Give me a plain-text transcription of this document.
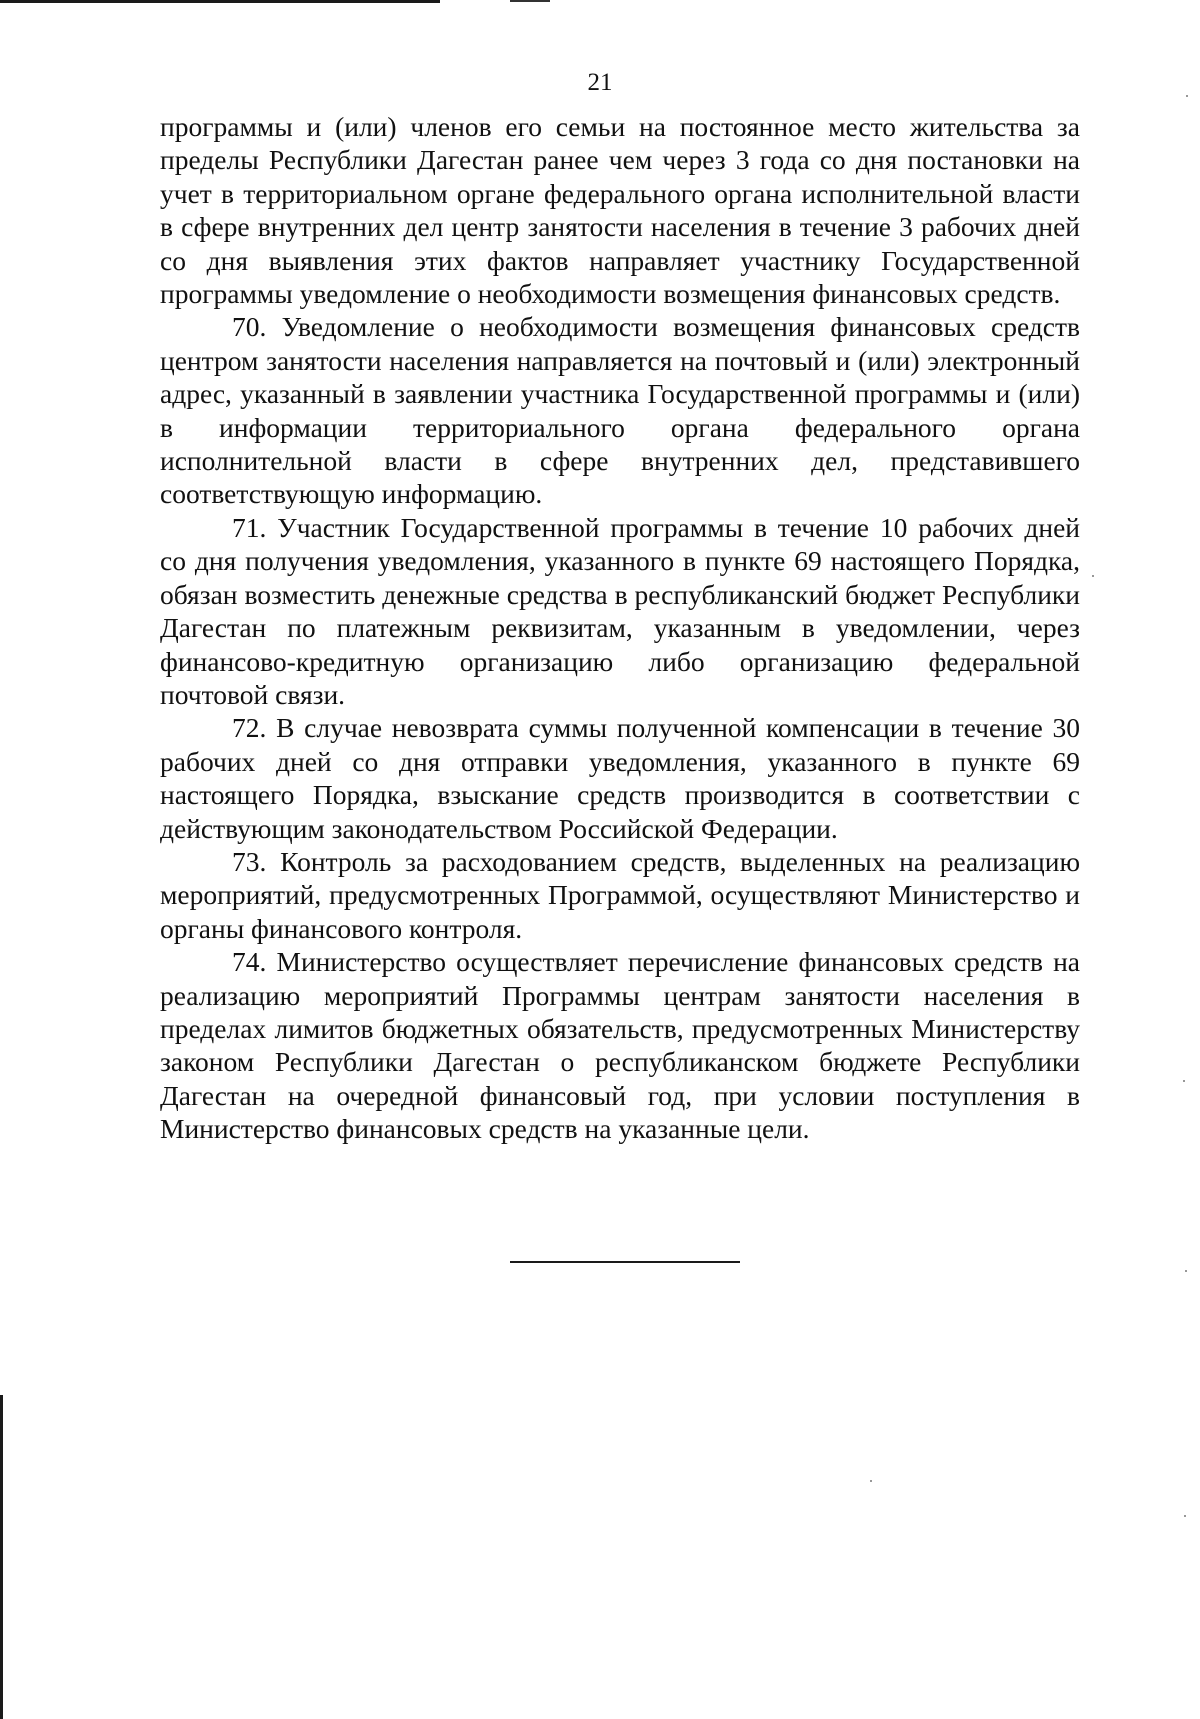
21

программы и (или) членов его семьи на постоянное место жительства за пределы Республики Дагестан ранее чем через 3 года со дня постановки на учет в территориальном органе федерального органа исполнительной власти в сфере внутренних дел центр занятости населения в течение 3 рабочих дней со дня выявления этих фактов направляет участнику Государственной программы уведомление о необходимости возмещения финансовых средств.

70. Уведомление о необходимости возмещения финансовых средств центром занятости населения направляется на почтовый и (или) электронный адрес, указанный в заявлении участника Государственной программы и (или) в информации территориального органа федерального органа исполнительной власти в сфере внутренних дел, представившего соответствующую информацию.

71. Участник Государственной программы в течение 10 рабочих дней со дня получения уведомления, указанного в пункте 69 настоящего Порядка, обязан возместить денежные средства в республиканский бюджет Республики Дагестан по платежным реквизитам, указанным в уведомлении, через финансово-кредитную организацию либо организацию федеральной почтовой связи.

72. В случае невозврата суммы полученной компенсации в течение 30 рабочих дней со дня отправки уведомления, указанного в пункте 69 настоящего Порядка, взыскание средств производится в соответствии с действующим законодательством Российской Федерации.

73. Контроль за расходованием средств, выделенных на реализацию мероприятий, предусмотренных Программой, осуществляют Министерство и органы финансового контроля.

74. Министерство осуществляет перечисление финансовых средств на реализацию мероприятий Программы центрам занятости населения в пределах лимитов бюджетных обязательств, предусмотренных Министерству законом Республики Дагестан о республиканском бюджете Республики Дагестан на очередной финансовый год, при условии поступления в Министерство финансовых средств на указанные цели.
